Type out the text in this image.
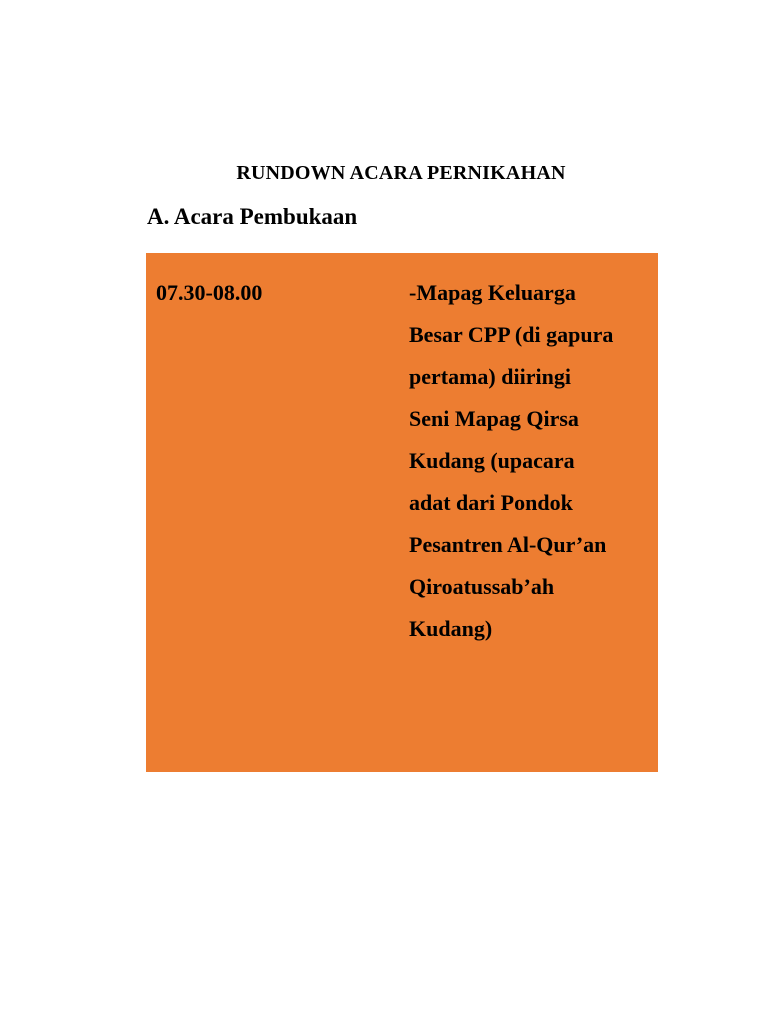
RUNDOWN ACARA PERNIKAHAN
A. Acara Pembukaan
07.30-08.00	-Mapag Keluarga
Besar CPP (di gapura
pertama) diiringi
Seni Mapag Qirsa
Kudang (upacara
adat dari Pondok
Pesantren Al-Qur’an
Qiroatussab’ah
Kudang)
